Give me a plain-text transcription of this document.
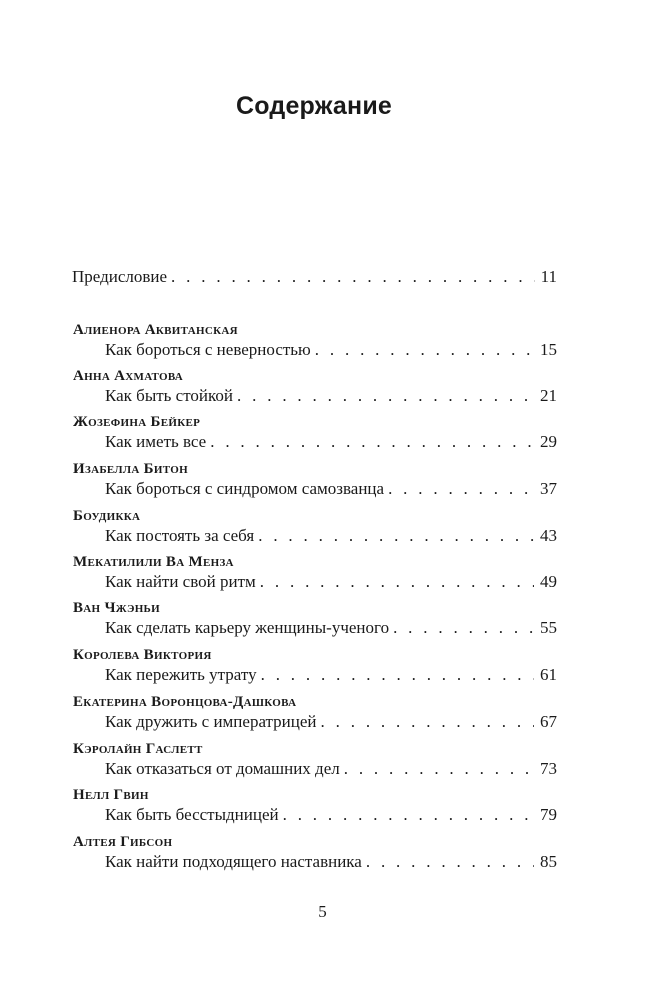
Содержание
Предисловие . . .	11
Алиенора Аквитанская
Как бороться с неверностью . . .	15
Анна Ахматова
Как быть стойкой . . .	21
Жозефина Бейкер
Как иметь все . . .	29
Изабелла Битон
Как бороться с синдромом самозванца . . .	37
Боудикка
Как постоять за себя . . .	43
Мекатилили Ва Менза
Как найти свой ритм . . .	49
Ван Чжэньи
Как сделать карьеру женщины-ученого . . .	55
Королева Виктория
Как пережить утрату . . .	61
Екатерина Воронцова-Дашкова
Как дружить с императрицей . . .	67
Кэролайн Гаслетт
Как отказаться от домашних дел . . .	73
Нелл Гвин
Как быть бесстыдницей . . .	79
Алтея Гибсон
Как найти подходящего наставника . . .	85
5
